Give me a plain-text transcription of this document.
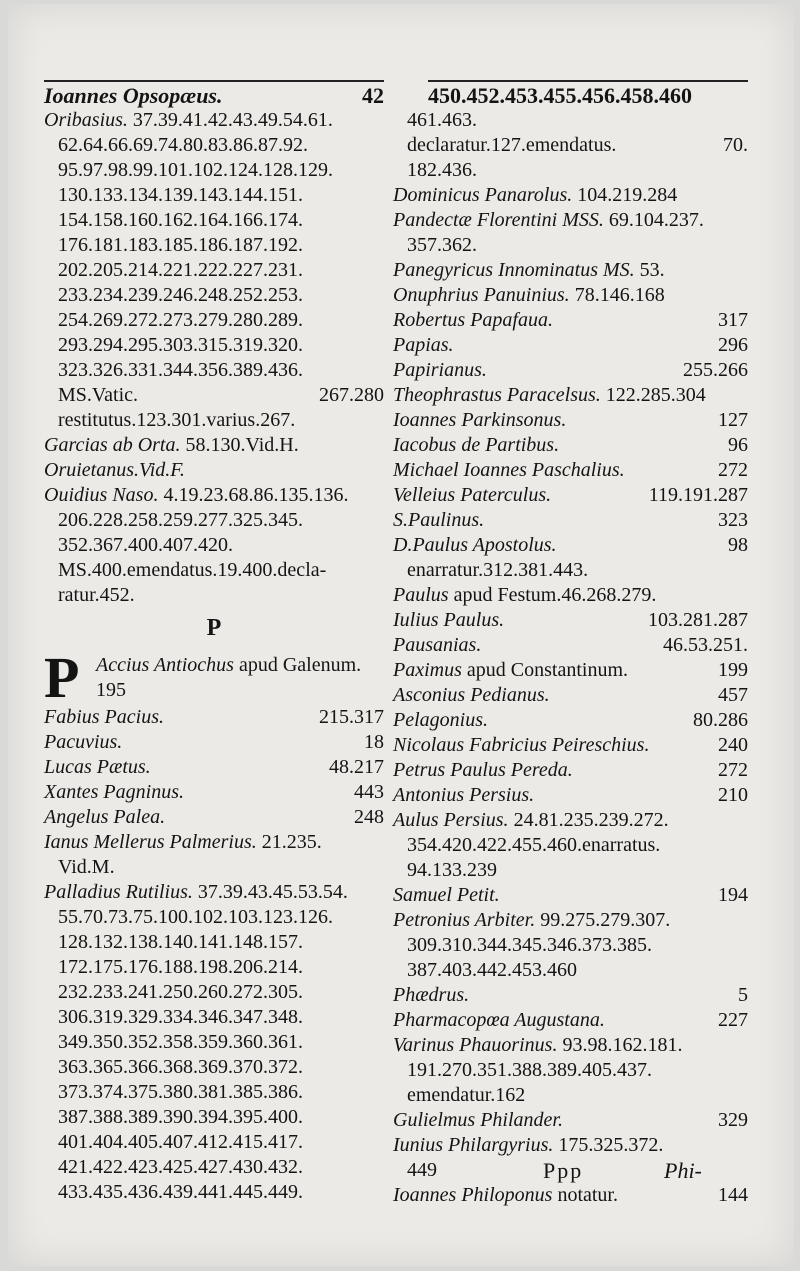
Ioannes Opsopæus.	42 450.452.453.455.456.458.460
Oribasius. 37.39.41.42.43.49.54.61.
62.64.66.69.74.80.83.86.87.92.
95.97.98.99.101.102.124.128.129.
130.133.134.139.143.144.151.
154.158.160.162.164.166.174.
176.181.183.185.186.187.192.
202.205.214.221.222.227.231.
233.234.239.246.248.252.253.
254.269.272.273.279.280.289.
293.294.295.303.315.319.320.
323.326.331.344.356.389.436.
MS.Vatic.	267.280
restitutus.123.301.varius.267.
Garcias ab Orta. 58.130.Vid.H.
Oruietanus.Vid.F.
Ouidius Naso. 4.19.23.68.86.135.136.
206.228.258.259.277.325.345.
352.367.400.407.420.
MS.400.emendatus.19.400.decla-
ratur.452.
P
P Accius Antiochus apud Galenum.
195
Fabius Pacius.	215.317
Pacuvius.	18
Lucas Pætus.	48.217
Xantes Pagninus.	443
Angelus Palea.	248
Ianus Mellerus Palmerius. 21.235.
Vid.M.
Palladius Rutilius. 37.39.43.45.53.54.
55.70.73.75.100.102.103.123.126.
128.132.138.140.141.148.157.
172.175.176.188.198.206.214.
232.233.241.250.260.272.305.
306.319.329.334.346.347.348.
349.350.352.358.359.360.361.
363.365.366.368.369.370.372.
373.374.375.380.381.385.386.
387.388.389.390.394.395.400.
401.404.405.407.412.415.417.
421.422.423.425.427.430.432.
433.435.436.439.441.445.449.
461.463.
declaratur.127.emendatus.	70.
182.436.
Dominicus Panarolus. 104.219.284
Pandectæ Florentini MSS. 69.104.237.
357.362.
Panegyricus Innominatus MS. 53.
Onuphrius Panuinius. 78.146.168
Robertus Papafaua.	317
Papias.	296
Papirianus.	255.266
Theophrastus Paracelsus. 122.285.304
Ioannes Parkinsonus.	127
Iacobus de Partibus.	96
Michael Ioannes Paschalius.	272
Velleius Paterculus.	119.191.287
S.Paulinus.	323
D.Paulus Apostolus.	98
enarratur.312.381.443.
Paulus apud Festum.46.268.279.
Iulius Paulus.	103.281.287
Pausanias.	46.53.251.
Paximus apud Constantinum.	199
Asconius Pedianus.	457
Pelagonius.	80.286
Nicolaus Fabricius Peireschius.	240
Petrus Paulus Pereda.	272
Antonius Persius.	210
Aulus Persius. 24.81.235.239.272.
354.420.422.455.460.enarratus.
94.133.239
Samuel Petit.	194
Petronius Arbiter. 99.275.279.307.
309.310.344.345.346.373.385.
387.403.442.453.460
Phædrus.	5
Pharmacopœa Augustana.	227
Varinus Phauorinus. 93.98.162.181.
191.270.351.388.389.405.437.
emendatur.162
Gulielmus Philander.	329
Iunius Philargyrius. 175.325.372.
449
Ioannes Philoponus notatur.	144
Ppp	Phi-
